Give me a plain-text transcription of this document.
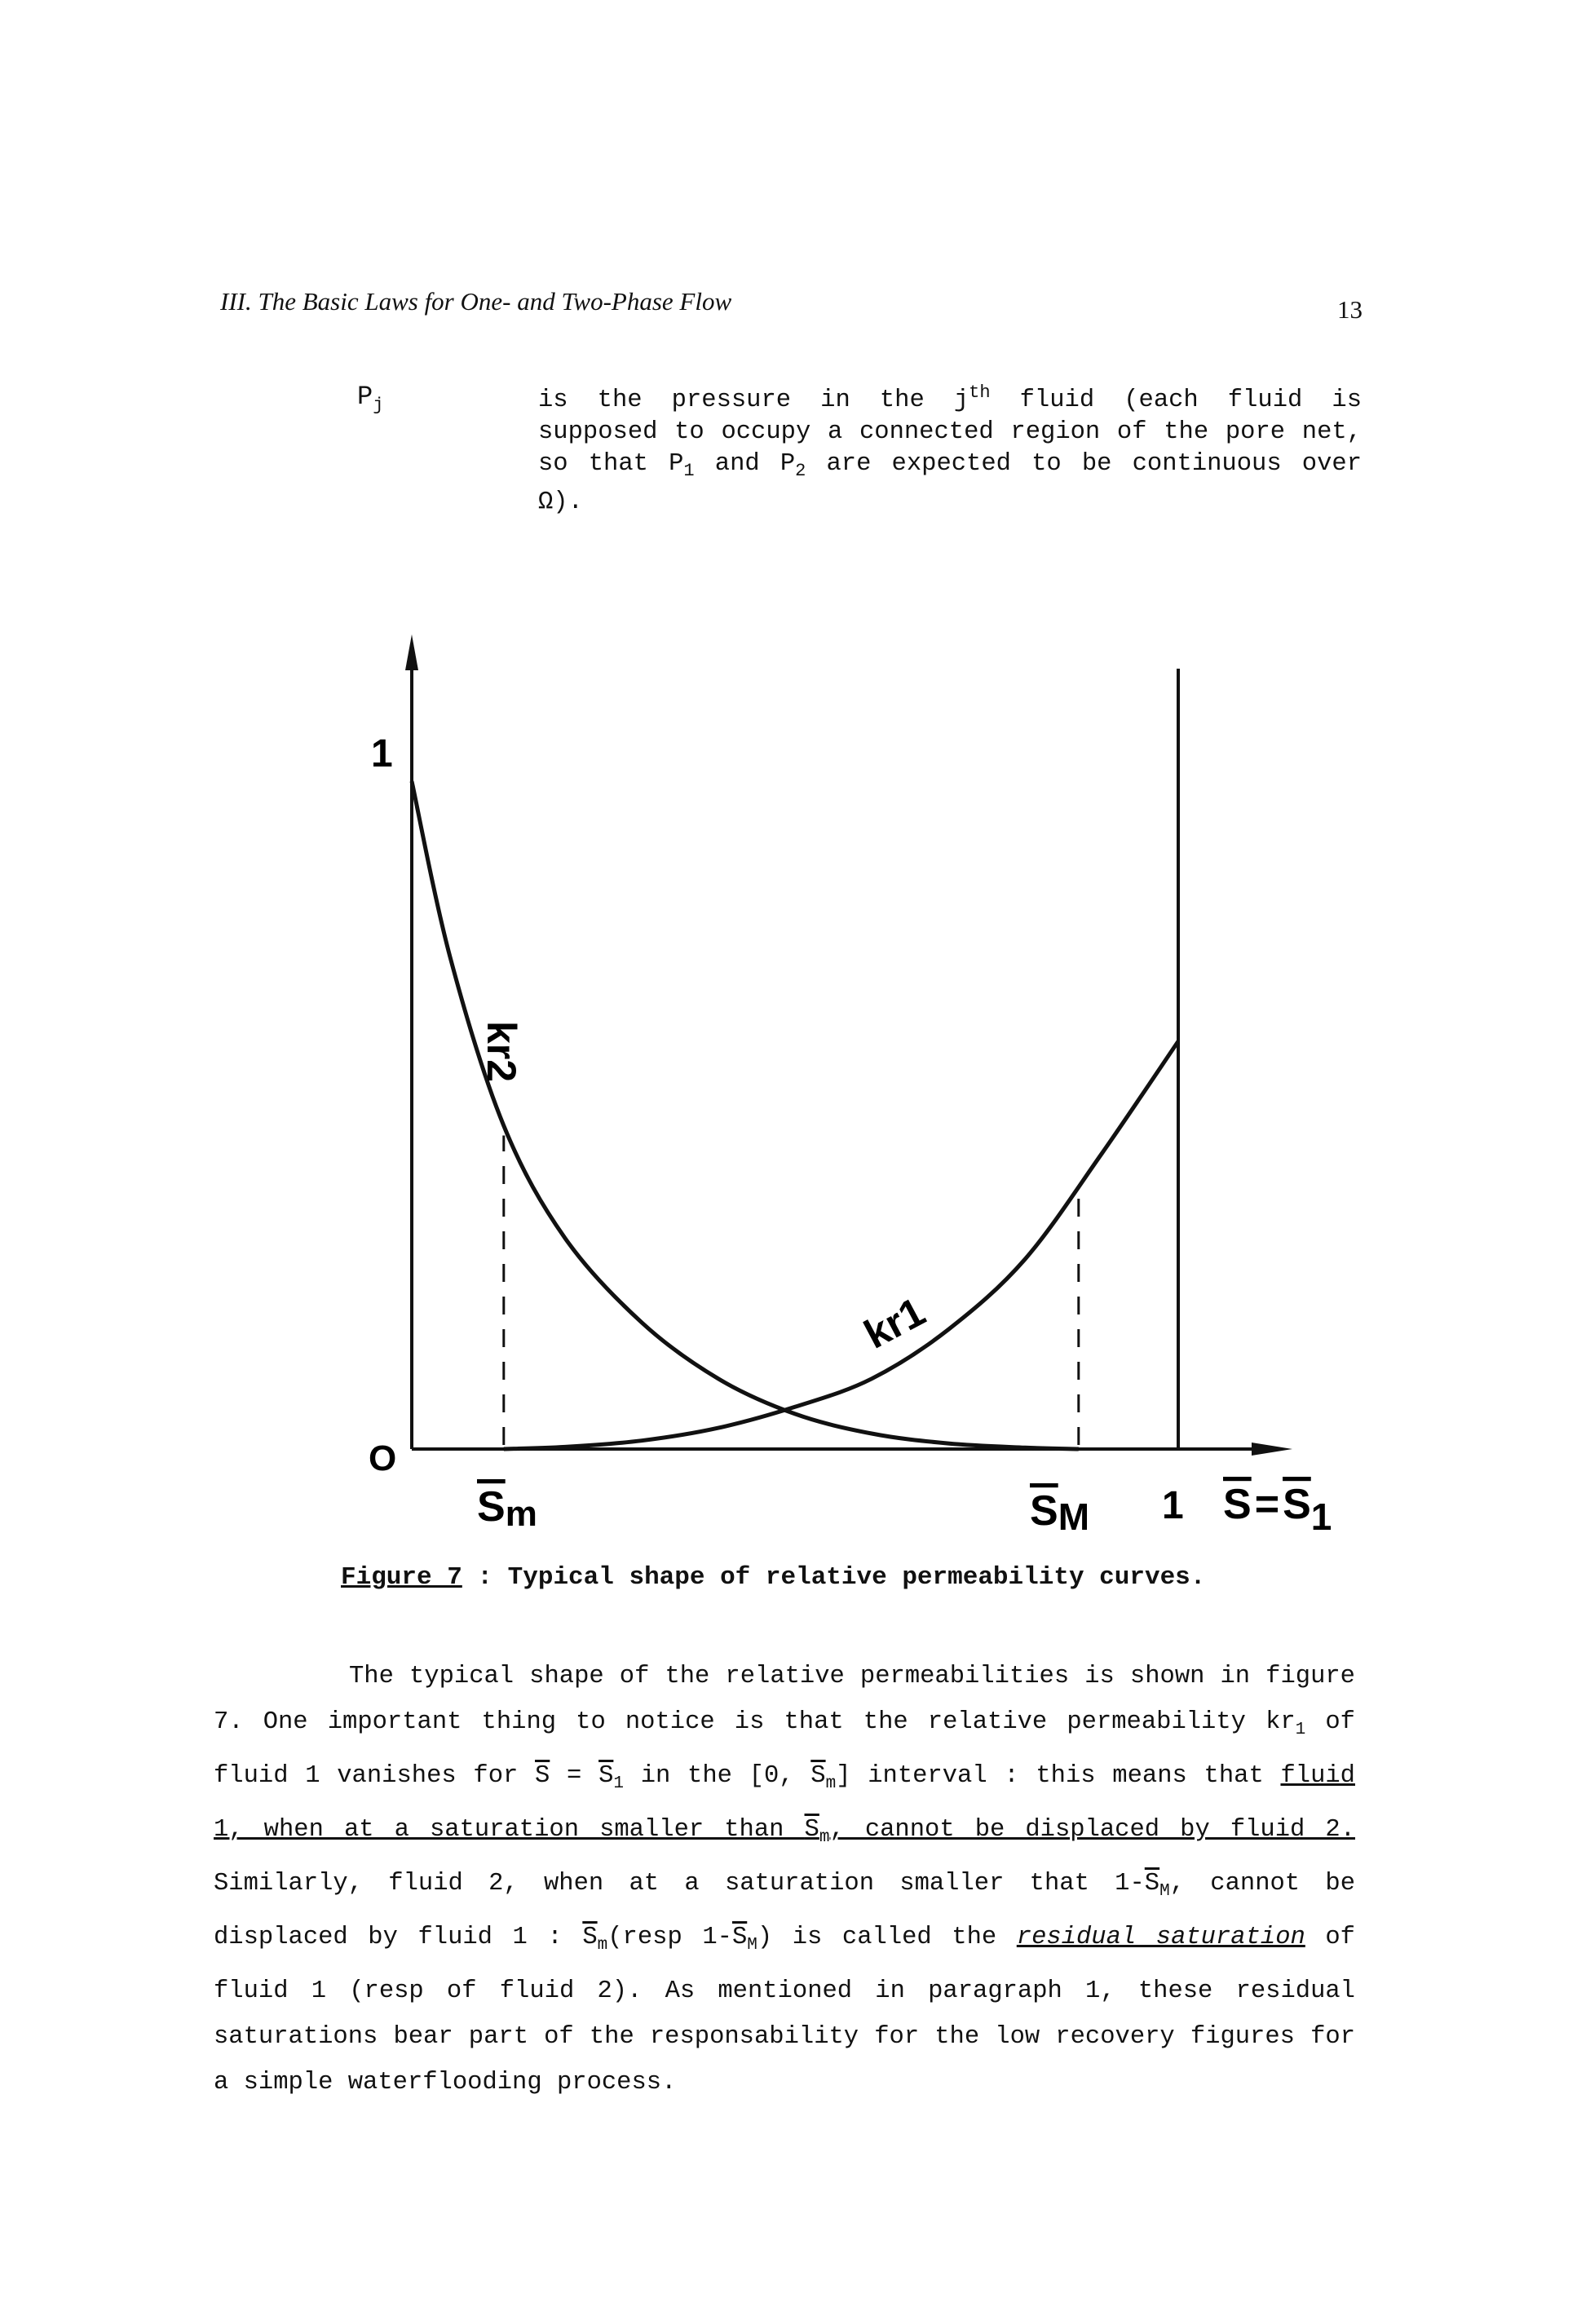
III. The Basic Laws for One- and Two-Phase Flow	13
$P_j$	is the pressure in the $j^{th}$ fluid (each fluid is supposed to occupy a connected region of the pore net, so that $P_1$ and $P_2$ are expected to be continuous over Ω).
O
1
Sm	SM 1 S=S1
kr2
kr1
Figure 7 : Typical shape of relative permeability curves.
The typical shape of the relative permeabilities is shown in figure 7. One important thing to notice is that the relative permeability $kr_1$ of fluid 1 vanishes for $\overline{S} = \overline{S}_1$ in the [0, $\overline{S}_m$] interval : this means that fluid 1, when at a saturation smaller than $S_m$, cannot be displaced by fluid 2. Similarly, fluid 2, when at a saturation smaller that $1-\overline{S}_M$, cannot be displaced by fluid 1 : $\overline{S}_m(resp$ $1-\overline{S}_M$) is called the residual saturation of fluid 1 (resp of fluid 2). As mentioned in paragraph 1, these residual saturations bear part of the responsability for the low recovery figures for a simple waterflooding process.
